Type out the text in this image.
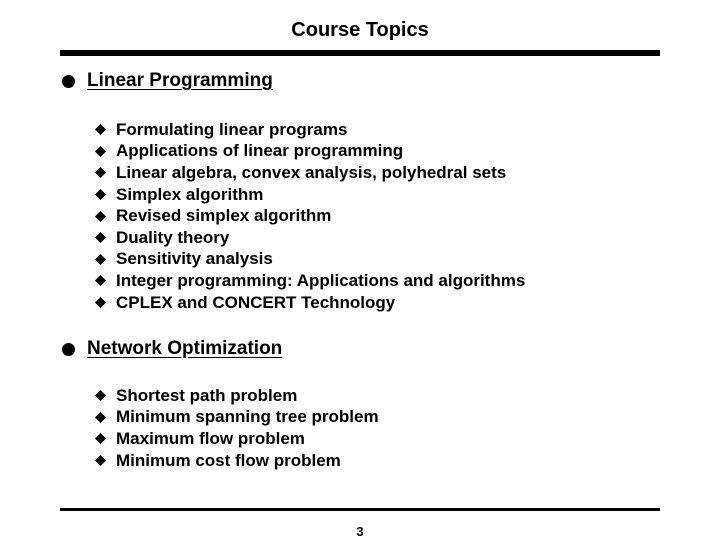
Course Topics
Linear Programming
Formulating linear programs
Applications of linear programming
Linear algebra, convex analysis, polyhedral sets
Simplex algorithm
Revised simplex algorithm
Duality theory
Sensitivity analysis
Integer programming: Applications and algorithms
CPLEX and CONCERT Technology
Network Optimization
Shortest path problem
Minimum spanning tree problem
Maximum flow problem
Minimum cost flow problem
3
